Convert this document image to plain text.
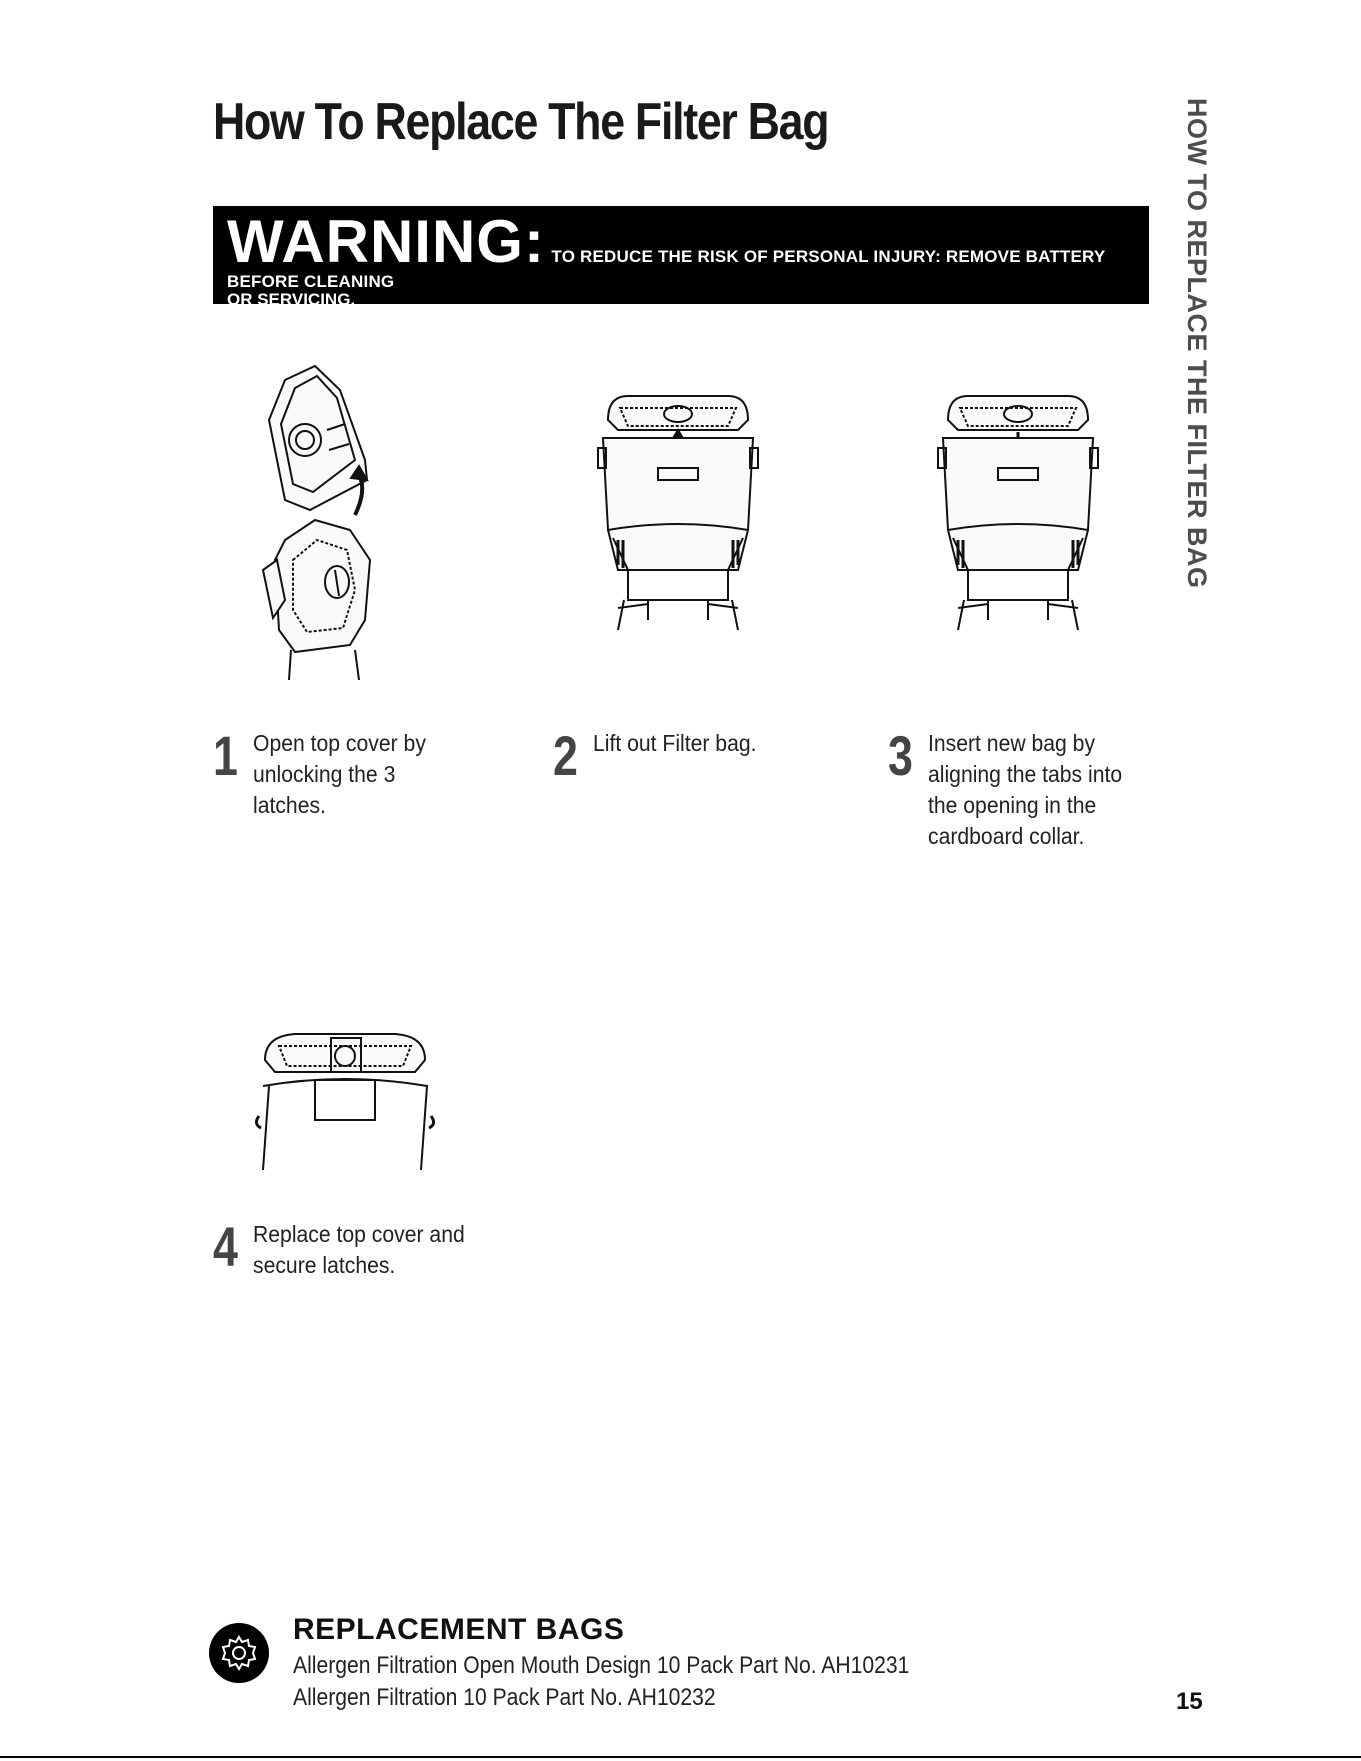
How To Replace The Filter Bag	HOW TO REPLACE THE FILTER BAG
WARNING: TO REDUCE THE RISK OF PERSONAL INJURY: REMOVE BATTERY BEFORE CLEANING
OR SERVICING.
1 Open top cover by
unlocking the 3
latches.
2 Lift out Filter bag. 3 Insert new bag by
aligning the tabs into
the opening in the
cardboard collar.
4 Replace top cover and
secure latches.
REPLACEMENT BAGS
Allergen Filtration Open Mouth Design 10 Pack Part No. AH10231
Allergen Filtration 10 Pack Part No. AH10232	15
